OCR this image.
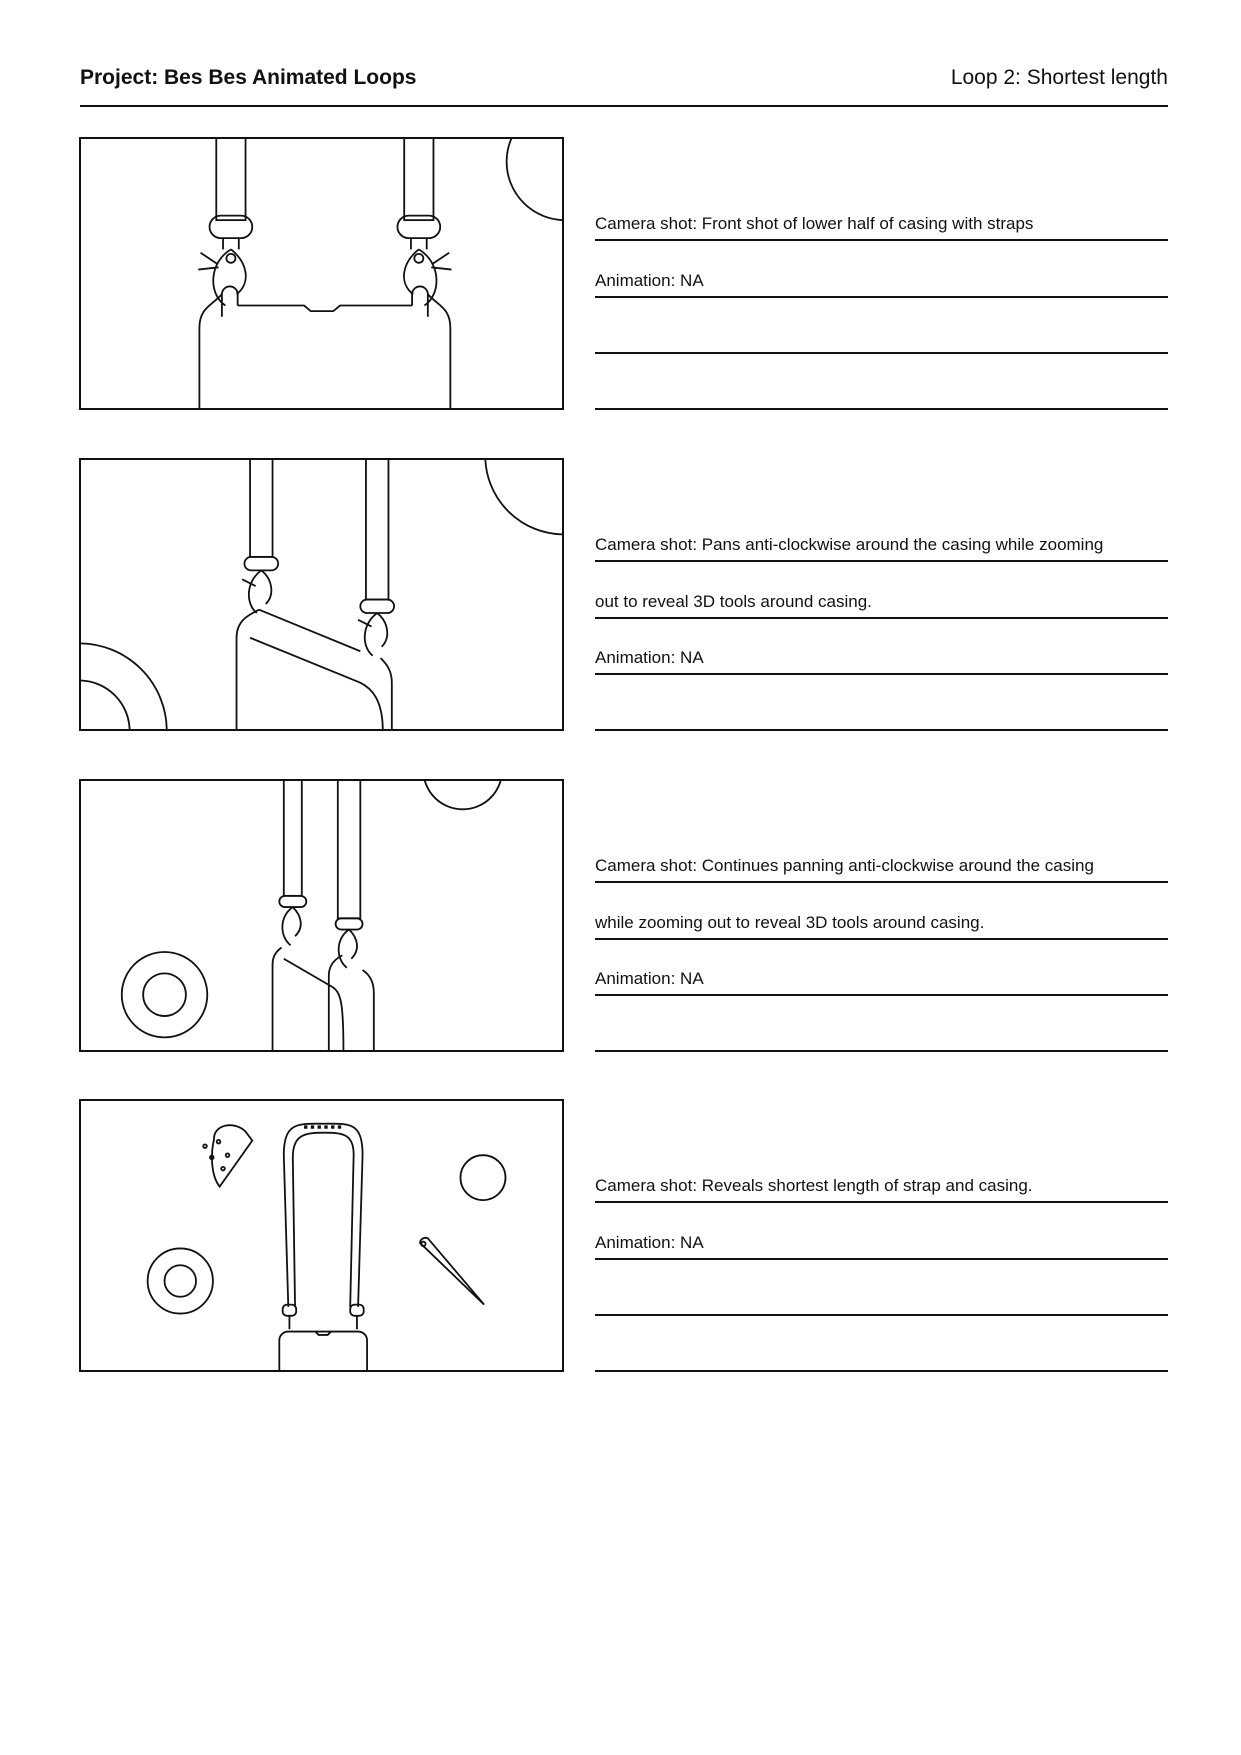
Project: Bes Bes Animated Loops	Loop 2: Shortest length
Camera shot: Front shot of lower half of casing with straps
Animation: NA
Camera shot: Pans anti-clockwise around the casing while zooming
out to reveal 3D tools around casing.
Animation: NA
Camera shot: Continues panning anti-clockwise around the casing
while zooming out to reveal 3D tools around casing.
Animation: NA
Camera shot: Reveals shortest length of strap and casing.
Animation: NA
